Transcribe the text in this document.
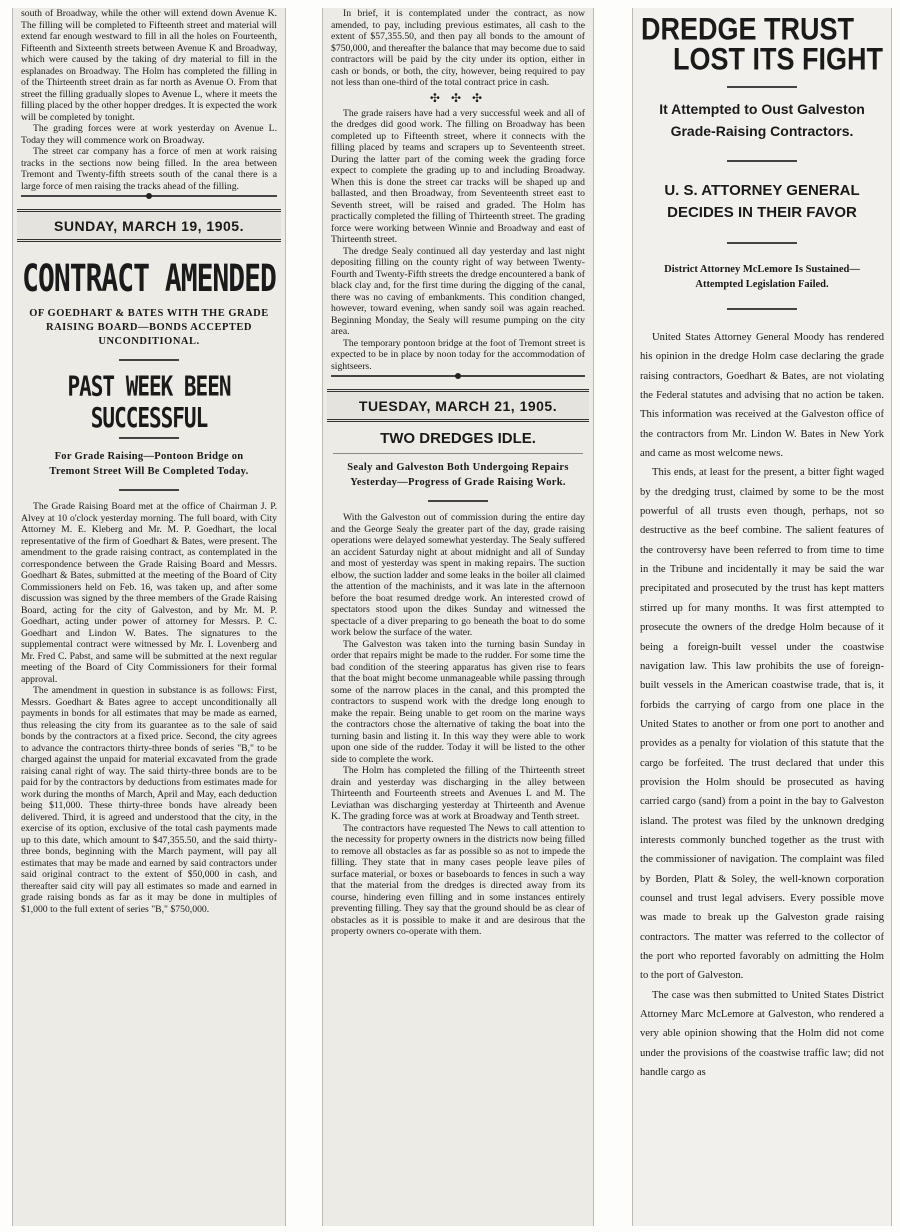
south of Broadway, while the other will extend down Avenue K. The filling will be completed to Fifteenth street and material will extend far enough westward to fill in all the holes on Fourteenth, Fifteenth and Sixteenth streets between Avenue K and Broadway, which were caused by the taking of dry material to fill in the esplanades on Broadway. The Holm has completed the filling in of the Thirteenth street drain as far north as Avenue O. From that street the filling gradually slopes to Avenue L, where it meets the filling placed by the other hopper dredges. It is expected the work will be completed by tonight.

The grading forces were at work yesterday on Avenue L. Today they will commence work on Broadway.

The street car company has a force of men at work raising tracks in the sections now being filled. In the area between Tremont and Twenty-fifth streets south of the canal there is a large force of men raising the tracks ahead of the filling.

SUNDAY, MARCH 19, 1905.
CONTRACT AMENDED
OF GOEDHART & BATES WITH THE GRADE RAISING BOARD—BONDS ACCEPTED UNCONDITIONAL.
PAST WEEK BEEN SUCCESSFUL
For Grade Raising—Pontoon Bridge on Tremont Street Will Be Completed Today.

The Grade Raising Board met at the office of Chairman J. P. Alvey at 10 o'clock yesterday morning. The full board, with City Attorney M. E. Kleberg and Mr. M. P. Goedhart, the local representative of the firm of Goedhart & Bates, were present. The amendment to the grade raising contract, as contemplated in the correspondence between the Grade Raising Board and Messrs. Goedhart & Bates, submitted at the meeting of the Board of City Commissioners held on Feb. 16, was taken up, and after some discussion was signed by the three members of the Grade Raising Board, acting for the city of Galveston, and by Mr. M. P. Goedhart, acting under power of attorney for Messrs. P. C. Goedhart and Lindon W. Bates. The signatures to the supplemental contract were witnessed by Mr. I. Lovenberg and Mr. Fred C. Pabst, and same will be submitted at the next regular meeting of the Board of City Commissioners for their formal approval.

The amendment in question in substance is as follows: First, Messrs. Goedhart & Bates agree to accept unconditionally all payments in bonds for all estimates that may be made as earned, thus releasing the city from its guarantee as to the sale of said bonds by the contractors at a fixed price. Second, the city agrees to advance the contractors thirty-three bonds of series "B," to be charged against the unpaid for material excavated from the grade raising canal right of way. The said thirty-three bonds are to be paid for by the contractors by deductions from estimates made for work during the months of March, April and May, each deduction being $11,000. These thirty-three bonds have already been delivered. Third, it is agreed and understood that the city, in the exercise of its option, exclusive of the total cash payments made up to this date, which amount to $47,355.50, and the said thirty-three bonds, beginning with the March payment, will pay all estimates that may be made and earned by said contractors under said original contract to the extent of $50,000 in cash, and thereafter said city will pay all estimates so made and earned in grade raising bonds as far as it may be done in multiples of $1,000 to the full extent of series "B," $750,000.

In brief, it is contemplated under the contract, as now amended, to pay, including previous estimates, all cash to the extent of $57,355.50, and then pay all bonds to the amount of $750,000, and thereafter the balance that may become due to said contractors will be paid by the city under its option, either in cash or bonds, or both, the city, however, being required to pay not less than one-third of the total contract price in cash.

✣ ✣ ✣

The grade raisers have had a very successful week and all of the dredges did good work. The filling on Broadway has been completed up to Fifteenth street, where it connects with the filling placed by teams and scrapers up to Seventeenth street. During the latter part of the coming week the grading force expect to complete the grading up to and including Broadway. When this is done the street car tracks will be shaped up and ballasted, and then Broadway, from Seventeenth street east to Seventh street, will be raised and graded. The Holm has practically completed the filling of Thirteenth street. The grading force were working between Winnie and Broadway and east of Thirteenth street.

The dredge Sealy continued all day yesterday and last night depositing filling on the county right of way between Twenty-Fourth and Twenty-Fifth streets the dredge encountered a bank of black clay and, for the first time during the digging of the canal, there was no caving of embankments. This condition changed, however, toward evening, when sandy soil was again reached. Beginning Monday, the Sealy will resume pumping on the city area.

The temporary pontoon bridge at the foot of Tremont street is expected to be in place by noon today for the accommodation of sightseers.

TUESDAY, MARCH 21, 1905.
TWO DREDGES IDLE.
Sealy and Galveston Both Undergoing Repairs Yesterday—Progress of Grade Raising Work.

With the Galveston out of commission during the entire day and the George Sealy the greater part of the day, grade raising operations were delayed somewhat yesterday. The Sealy suffered an accident Saturday night at about midnight and all of Sunday and most of yesterday was spent in making repairs. The suction elbow, the suction ladder and some leaks in the boiler all claimed the attention of the machinists, and it was late in the afternoon before the boat resumed dredge work. An interested crowd of spectators stood upon the dikes Sunday and witnessed the spectacle of a diver preparing to go beneath the boat to do some work below the surface of the water.

The Galveston was taken into the turning basin Sunday in order that repairs might be made to the rudder. For some time the bad condition of the steering apparatus has given rise to fears that the boat might become unmanageable while passing through some of the narrow places in the canal, and this prompted the contractors to suspend work with the dredge long enough to make the repair. Being unable to get room on the marine ways the contractors chose the alternative of taking the boat into the turning basin and listing it. In this way they were able to work upon one side of the rudder. Today it will be listed to the other side to complete the work.

The Holm has completed the filling of the Thirteenth street drain and yesterday was discharging in the alley between Thirteenth and Fourteenth streets and Avenues L and M. The Leviathan was discharging yesterday at Thirteenth and Avenue K. The grading force was at work at Broadway and Tenth street.

The contractors have requested The News to call attention to the necessity for property owners in the districts now being filled to remove all obstacles as far as possible so as not to impede the filling. They state that in many cases people leave piles of surface material, or boxes or baseboards to fences in such a way that the material from the dredges is directed away from its course, hindering even filling and in some instances entirely preventing filling. They say that the ground should be as clear of obstacles as it is possible to make it and are desirous that the property owners co-operate with them.

DREDGE TRUST
LOST ITS FIGHT
It Attempted to Oust Galveston Grade-Raising Contractors.
U. S. ATTORNEY GENERAL DECIDES IN THEIR FAVOR
District Attorney McLemore Is Sustained—Attempted Legislation Failed.

United States Attorney General Moody has rendered his opinion in the dredge Holm case declaring the grade raising contractors, Goedhart & Bates, are not violating the Federal statutes and advising that no action be taken. This information was received at the Galveston office of the contractors from Mr. Lindon W. Bates in New York and came as most welcome news.

This ends, at least for the present, a bitter fight waged by the dredging trust, claimed by some to be the most powerful of all trusts even though, perhaps, not so destructive as the beef combine. The salient features of the controversy have been referred to from time to time in the Tribune and incidentally it may be said the war precipitated and prosecuted by the trust has kept matters stirred up for many months. It was first attempted to prosecute the owners of the dredge Holm because of it being a foreign-built vessel under the coastwise navigation law. This law prohibits the use of foreign-built vessels in the American coastwise trade, that is, it forbids the carrying of cargo from one place in the United States to another or from one port to another and provides as a penalty for violation of this statute that the cargo be forfeited. The trust declared that under this provision the Holm should be prosecuted as having carried cargo (sand) from a point in the bay to Galveston island. The protest was filed by the unknown dredging interests commonly bunched together as the trust with the commissioner of navigation. The complaint was filed by Borden, Platt & Soley, the well-known corporation counsel and trust legal advisers. Every possible move was made to break up the Galveston grade raising contractors. The matter was referred to the collector of the port who reported favorably on admitting the Holm to the port of Galveston.

The case was then submitted to United States District Attorney Marc McLemore at Galveston, who rendered a very able opinion showing that the Holm did not come under the provisions of the coastwise traffic law; did not handle cargo as
